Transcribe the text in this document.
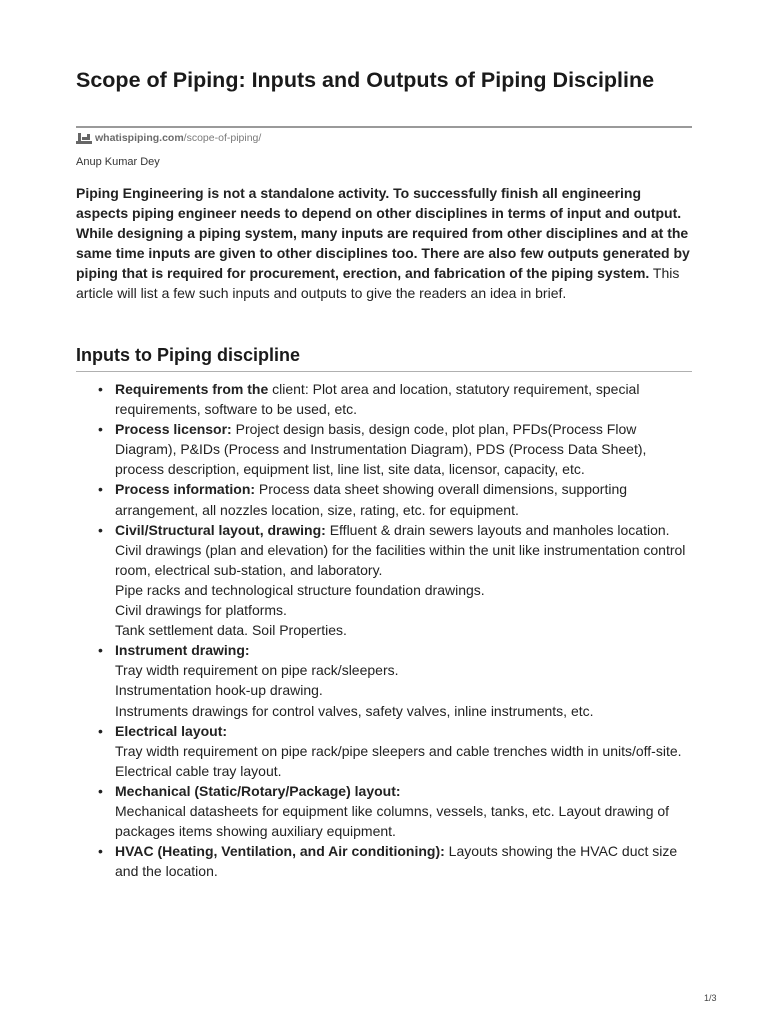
Scope of Piping: Inputs and Outputs of Piping Discipline
whatispiping.com /scope-of-piping/
Anup Kumar Dey

Piping Engineering is not a standalone activity. To successfully finish all engineering aspects piping engineer needs to depend on other disciplines in terms of input and output. While designing a piping system, many inputs are required from other disciplines and at the same time inputs are given to other disciplines too. There are also few outputs generated by piping that is required for procurement, erection, and fabrication of the piping system. This article will list a few such inputs and outputs to give the readers an idea in brief.

Inputs to Piping discipline
• Requirements from the client: Plot area and location, statutory requirement, special requirements, software to be used, etc.
• Process licensor: Project design basis, design code, plot plan, PFDs(Process Flow Diagram), P&IDs (Process and Instrumentation Diagram), PDS (Process Data Sheet), process description, equipment list, line list, site data, licensor, capacity, etc.
• Process information: Process data sheet showing overall dimensions, supporting arrangement, all nozzles location, size, rating, etc. for equipment.
• Civil/Structural layout, drawing: Effluent & drain sewers layouts and manholes location.
Civil drawings (plan and elevation) for the facilities within the unit like instrumentation control room, electrical sub-station, and laboratory.
Pipe racks and technological structure foundation drawings.
Civil drawings for platforms.
Tank settlement data. Soil Properties.
• Instrument drawing:
Tray width requirement on pipe rack/sleepers.
Instrumentation hook-up drawing.
Instruments drawings for control valves, safety valves, inline instruments, etc.
• Electrical layout:
Tray width requirement on pipe rack/pipe sleepers and cable trenches width in units/off-site.
Electrical cable tray layout.
• Mechanical (Static/Rotary/Package) layout:
Mechanical datasheets for equipment like columns, vessels, tanks, etc. Layout drawing of packages items showing auxiliary equipment.
• HVAC (Heating, Ventilation, and Air conditioning): Layouts showing the HVAC duct size and the location.
1/3
